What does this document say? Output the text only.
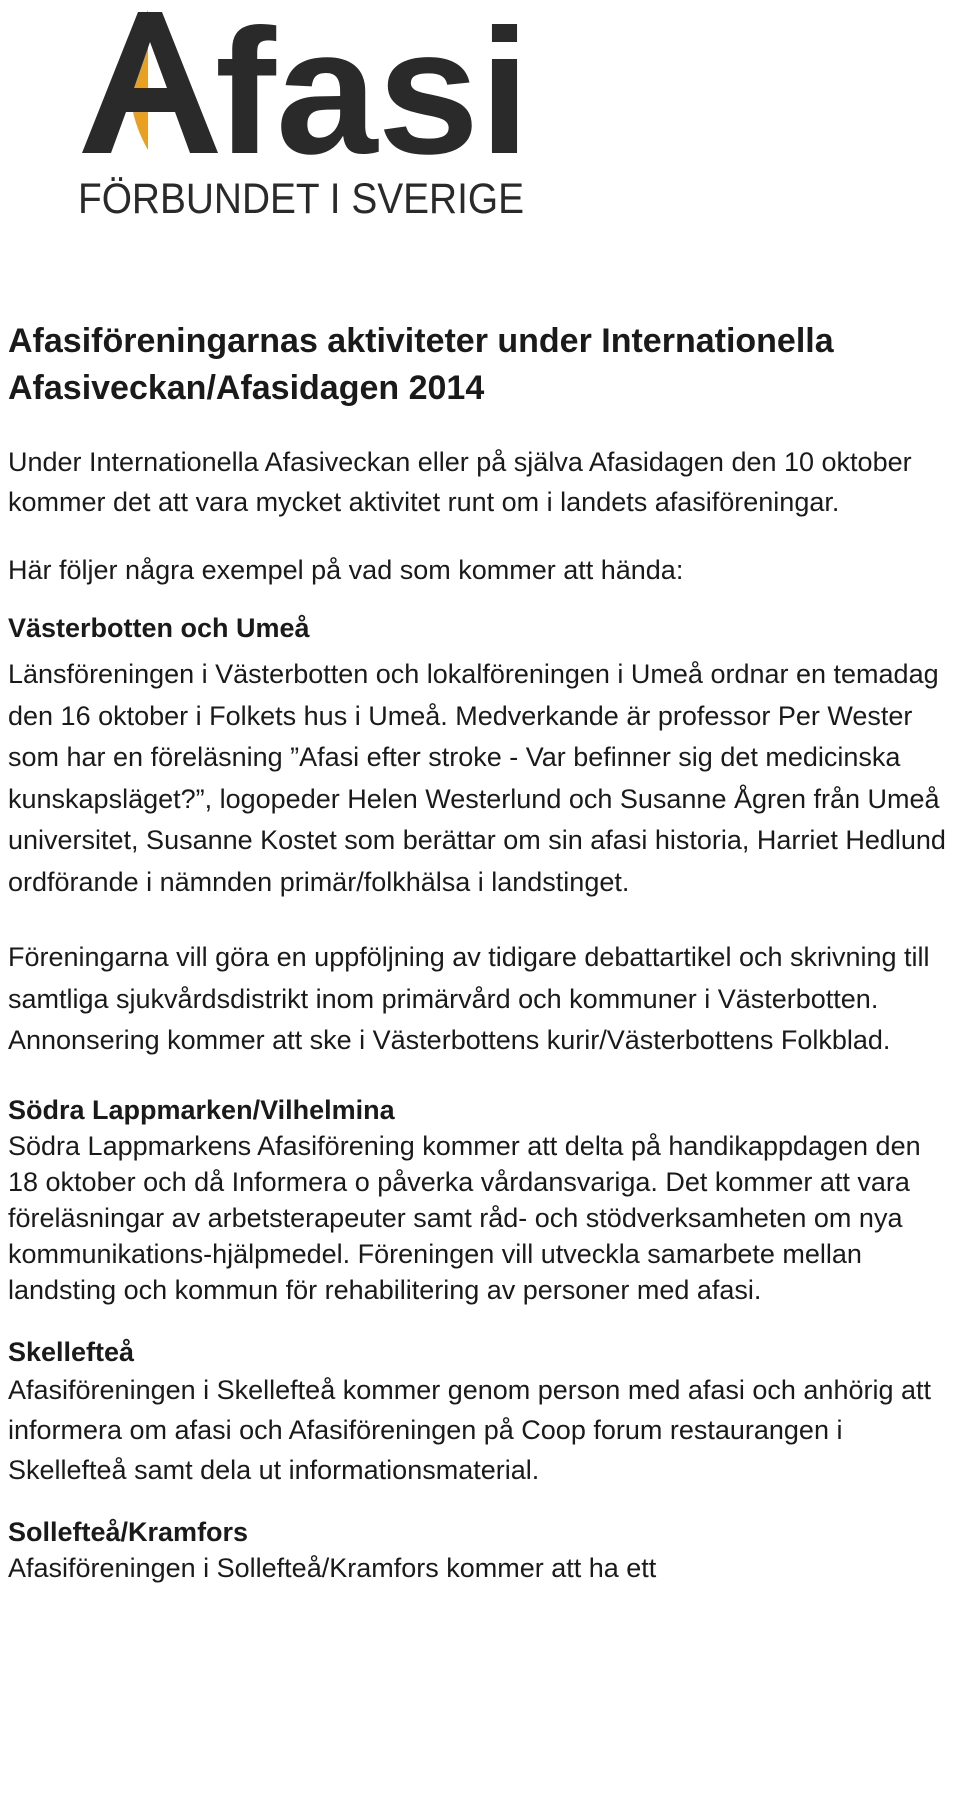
fasi
FÖRBUNDET I SVERIGE
Afasiföreningarnas aktiviteter under Internationella Afasiveckan/Afasidagen 2014

Under Internationella Afasiveckan eller på själva Afasidagen den 10 oktober kommer det att vara mycket aktivitet runt om i landets afasiföreningar.

Här följer några exempel på vad som kommer att hända:

Västerbotten och Umeå

Länsföreningen i Västerbotten och lokalföreningen i Umeå ordnar en temadag den 16 oktober i Folkets hus i Umeå. Medverkande är professor Per Wester som har en föreläsning ”Afasi efter stroke - Var befinner sig det medicinska kunskapsläget?”, logopeder Helen Westerlund och Susanne Ågren från Umeå universitet, Susanne Kostet som berättar om sin afasi historia, Harriet Hedlund ordförande i nämnden primär/folkhälsa i landstinget.

Föreningarna vill göra en uppföljning av tidigare debattartikel och skrivning till samtliga sjukvårdsdistrikt inom primärvård och kommuner i Västerbotten. Annonsering kommer att ske i Västerbottens kurir/Västerbottens Folkblad.

Södra Lappmarken/Vilhelmina

Södra Lappmarkens Afasiförening kommer att delta på handikappdagen den 18 oktober och då Informera o påverka vårdansvariga. Det kommer att vara föreläsningar av arbetsterapeuter samt råd- och stödverksamheten om nya kommunikations-hjälpmedel. Föreningen vill utveckla samarbete mellan landsting och kommun för rehabilitering av personer med afasi.

Skellefteå

Afasiföreningen i Skellefteå kommer genom person med afasi och anhörig att informera om afasi och Afasiföreningen på Coop forum restaurangen i Skellefteå samt dela ut informationsmaterial.

Sollefteå/Kramfors

Afasiföreningen i Sollefteå/Kramfors kommer att ha ett
